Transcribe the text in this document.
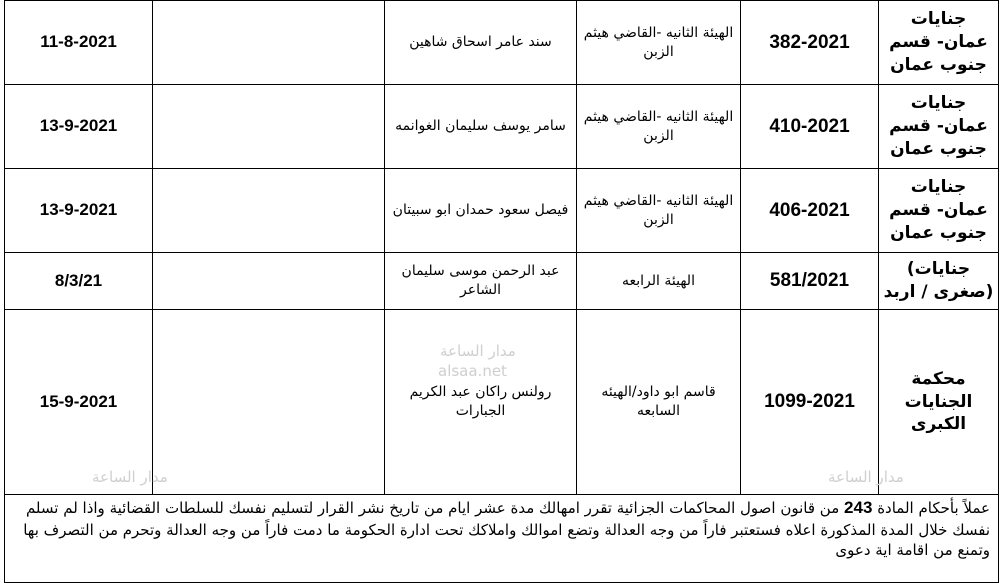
جنايات عمان- قسم جنوب عمان	382-2021	الهيئة الثانيه -القاضي هيثم الزبن	سند عامر اسحاق شاهين		11-8-2021
جنايات عمان- قسم جنوب عمان	410-2021	الهيئة الثانيه -القاضي هيثم الزبن	سامر يوسف سليمان الغوانمه		13-9-2021
جنايات عمان- قسم جنوب عمان	406-2021	الهيئة الثانيه -القاضي هيثم الزبن	فيصل سعود حمدان ابو سبيتان		13-9-2021
جنايات) (صغرى / اربد	581/2021	الهيئة الرابعه	عبد الرحمن موسى سليمان الشاعر		8/3/21
محكمة الجنايات الكبرى	1099-2021	قاسم ابو داود/الهيئه السابعه	رولنس راكان عبد الكريم الجبارات		15-9-2021
عملاً بأحكام المادة 243 من قانون اصول المحاكمات الجزائية تقرر امهالك مدة عشر ايام من تاريخ نشر القرار لتسليم نفسك للسلطات القضائية واذا لم تسلم نفسك خلال المدة المذكورة اعلاه فستعتبر فاراً من وجه العدالة وتضع اموالك واملاكك تحت ادارة الحكومة ما دمت فاراً من وجه العدالة وتحرم من التصرف بها وتمنع من اقامة اية دعوى					
مدار الساعة
alsaa.net
مدار الساعة	مدار الساعة
